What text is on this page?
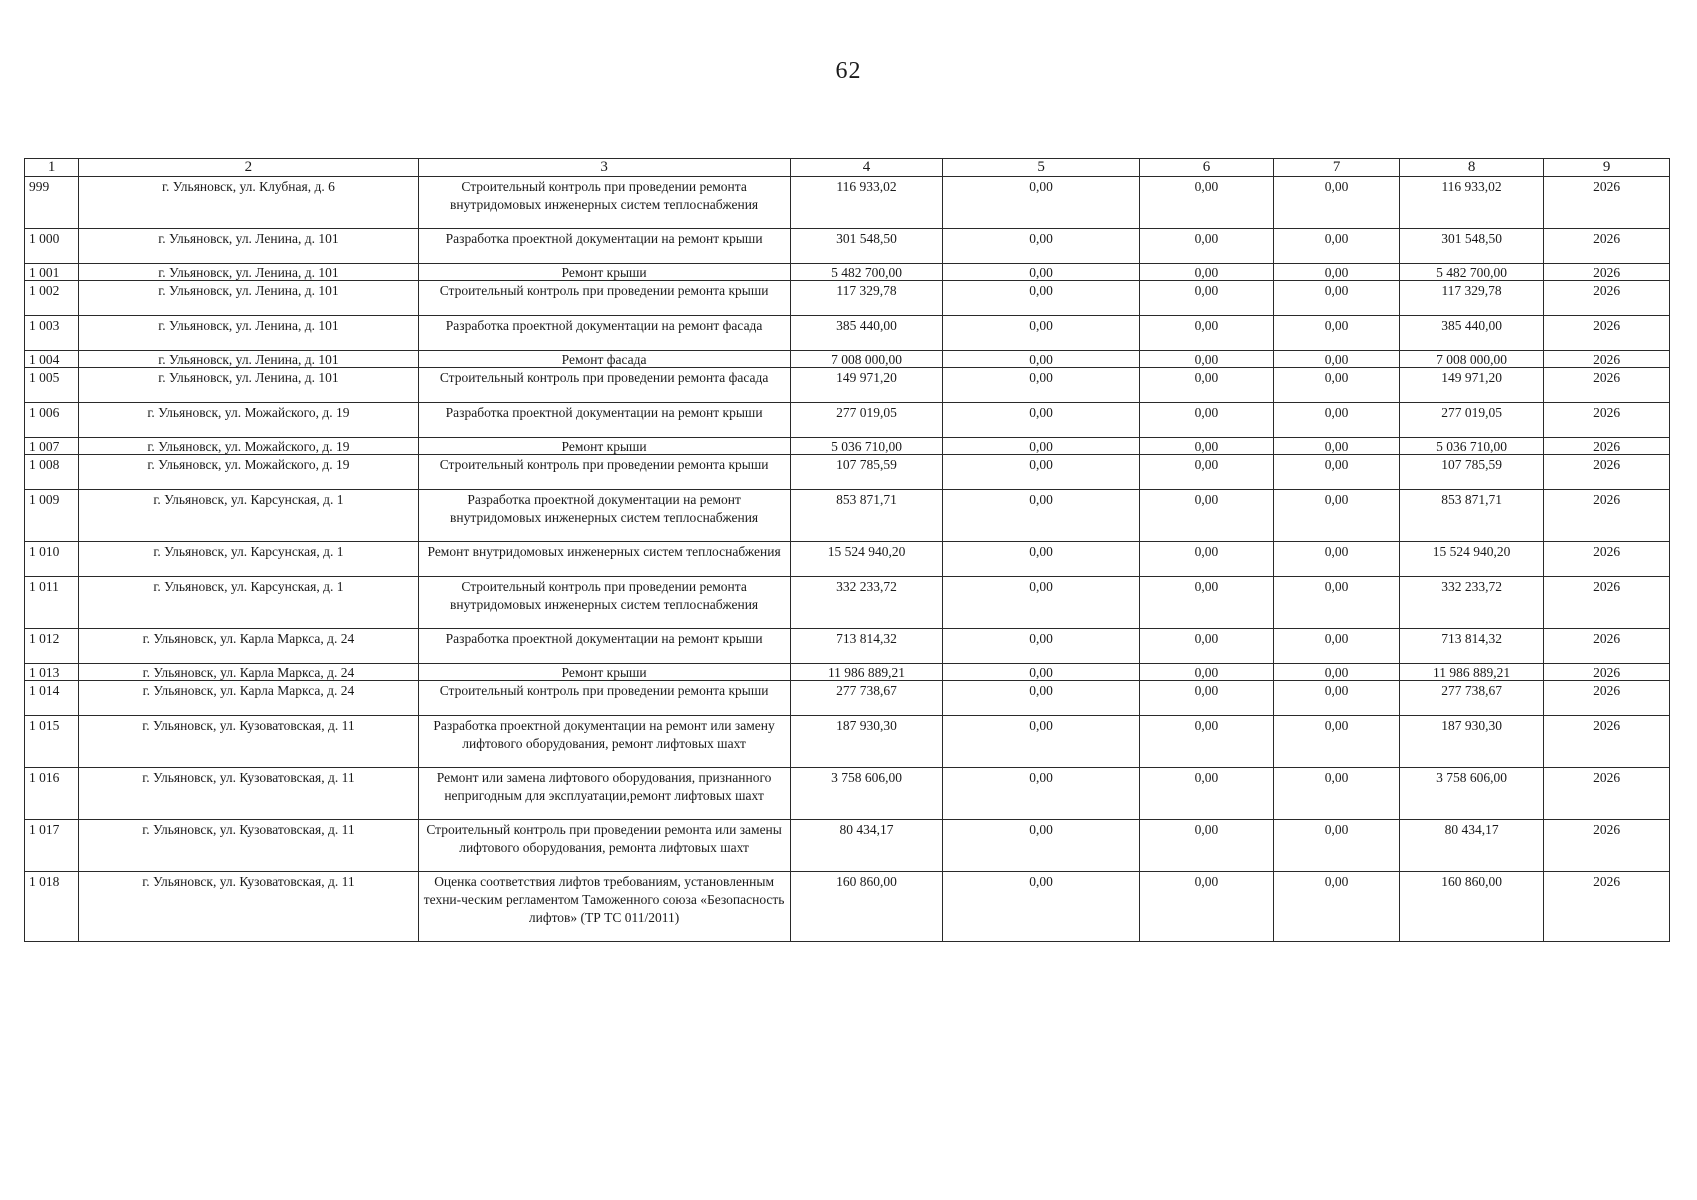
62
1	2	3	4	5	6	7	8	9
999	г. Ульяновск, ул. Клубная, д. 6	Строительный контроль при проведении ремонта внутридомовых инженерных систем теплоснабжения	116 933,02	0,00	0,00	0,00	116 933,02	2026
1 000	г. Ульяновск, ул. Ленина, д. 101	Разработка проектной документации на ремонт крыши	301 548,50	0,00	0,00	0,00	301 548,50	2026
1 001	г. Ульяновск, ул. Ленина, д. 101	Ремонт крыши	5 482 700,00	0,00	0,00	0,00	5 482 700,00	2026
1 002	г. Ульяновск, ул. Ленина, д. 101	Строительный контроль при проведении ремонта крыши	117 329,78	0,00	0,00	0,00	117 329,78	2026
1 003	г. Ульяновск, ул. Ленина, д. 101	Разработка проектной документации на ремонт фасада	385 440,00	0,00	0,00	0,00	385 440,00	2026
1 004	г. Ульяновск, ул. Ленина, д. 101	Ремонт фасада	7 008 000,00	0,00	0,00	0,00	7 008 000,00	2026
1 005	г. Ульяновск, ул. Ленина, д. 101	Строительный контроль при проведении ремонта фасада	149 971,20	0,00	0,00	0,00	149 971,20	2026
1 006	г. Ульяновск, ул. Можайского, д. 19	Разработка проектной документации на ремонт крыши	277 019,05	0,00	0,00	0,00	277 019,05	2026
1 007	г. Ульяновск, ул. Можайского, д. 19	Ремонт крыши	5 036 710,00	0,00	0,00	0,00	5 036 710,00	2026
1 008	г. Ульяновск, ул. Можайского, д. 19	Строительный контроль при проведении ремонта крыши	107 785,59	0,00	0,00	0,00	107 785,59	2026
1 009	г. Ульяновск, ул. Карсунская, д. 1	Разработка проектной документации на ремонт внутридомовых инженерных систем теплоснабжения	853 871,71	0,00	0,00	0,00	853 871,71	2026
1 010	г. Ульяновск, ул. Карсунская, д. 1	Ремонт внутридомовых инженерных систем теплоснабжения	15 524 940,20	0,00	0,00	0,00	15 524 940,20	2026
1 011	г. Ульяновск, ул. Карсунская, д. 1	Строительный контроль при проведении ремонта внутридомовых инженерных систем теплоснабжения	332 233,72	0,00	0,00	0,00	332 233,72	2026
1 012	г. Ульяновск, ул. Карла Маркса, д. 24	Разработка проектной документации на ремонт крыши	713 814,32	0,00	0,00	0,00	713 814,32	2026
1 013	г. Ульяновск, ул. Карла Маркса, д. 24	Ремонт крыши	11 986 889,21	0,00	0,00	0,00	11 986 889,21	2026
1 014	г. Ульяновск, ул. Карла Маркса, д. 24	Строительный контроль при проведении ремонта крыши	277 738,67	0,00	0,00	0,00	277 738,67	2026
1 015	г. Ульяновск, ул. Кузоватовская, д. 11	Разработка проектной документации на ремонт или замену лифтового оборудования, ремонт лифтовых шахт	187 930,30	0,00	0,00	0,00	187 930,30	2026
1 016	г. Ульяновск, ул. Кузоватовская, д. 11	Ремонт или замена лифтового оборудования, признанного непригодным для эксплуатации,ремонт лифтовых шахт	3 758 606,00	0,00	0,00	0,00	3 758 606,00	2026
1 017	г. Ульяновск, ул. Кузоватовская, д. 11	Строительный контроль при проведении ремонта или замены лифтового оборудования, ремонта лифтовых шахт	80 434,17	0,00	0,00	0,00	80 434,17	2026
1 018	г. Ульяновск, ул. Кузоватовская, д. 11	Оценка соответствия лифтов требованиям, установленным техни-ческим регламентом Таможенного союза «Безопасность лифтов» (ТР ТС 011/2011)	160 860,00	0,00	0,00	0,00	160 860,00	2026
